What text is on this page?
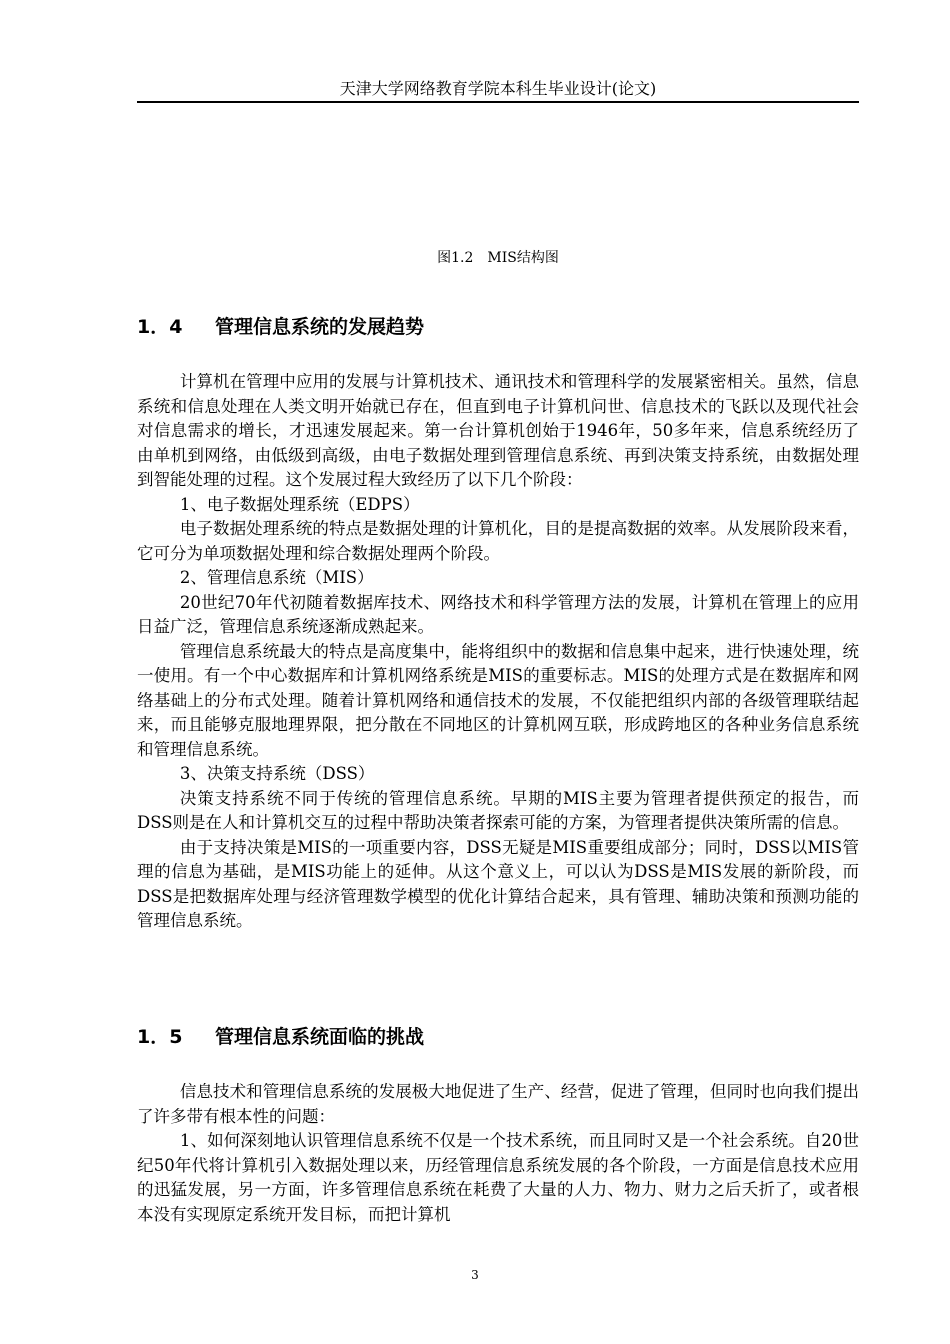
天津大学网络教育学院本科生毕业设计(论文)
图1.2　MIS结构图
1．4 管理信息系统的发展趋势

计算机在管理中应用的发展与计算机技术、通讯技术和管理科学的发展紧密相关。虽然，信息系统和信息处理在人类文明开始就已存在，但直到电子计算机问世、信息技术的飞跃以及现代社会对信息需求的增长，才迅速发展起来。第一台计算机创始于1946年，50多年来，信息系统经历了由单机到网络，由低级到高级，由电子数据处理到管理信息系统、再到决策支持系统，由数据处理到智能处理的过程。这个发展过程大致经历了以下几个阶段：

1、电子数据处理系统（EDPS）

电子数据处理系统的特点是数据处理的计算机化，目的是提高数据的效率。从发展阶段来看，它可分为单项数据处理和综合数据处理两个阶段。

2、管理信息系统（MIS）

20世纪70年代初随着数据库技术、网络技术和科学管理方法的发展，计算机在管理上的应用日益广泛，管理信息系统逐渐成熟起来。

管理信息系统最大的特点是高度集中，能将组织中的数据和信息集中起来，进行快速处理，统一使用。有一个中心数据库和计算机网络系统是MIS的重要标志。MIS的处理方式是在数据库和网络基础上的分布式处理。随着计算机网络和通信技术的发展，不仅能把组织内部的各级管理联结起来，而且能够克服地理界限，把分散在不同地区的计算机网互联，形成跨地区的各种业务信息系统和管理信息系统。

3、决策支持系统（DSS）

决策支持系统不同于传统的管理信息系统。早期的MIS主要为管理者提供预定的报告，而DSS则是在人和计算机交互的过程中帮助决策者探索可能的方案，为管理者提供决策所需的信息。

由于支持决策是MIS的一项重要内容，DSS无疑是MIS重要组成部分；同时，DSS以MIS管理的信息为基础，是MIS功能上的延伸。从这个意义上，可以认为DSS是MIS发展的新阶段，而DSS是把数据库处理与经济管理数学模型的优化计算结合起来，具有管理、辅助决策和预测功能的管理信息系统。

1．5 管理信息系统面临的挑战

信息技术和管理信息系统的发展极大地促进了生产、经营，促进了管理，但同时也向我们提出了许多带有根本性的问题：

1、如何深刻地认识管理信息系统不仅是一个技术系统，而且同时又是一个社会系统。自20世纪50年代将计算机引入数据处理以来，历经管理信息系统发展的各个阶段，一方面是信息技术应用的迅猛发展，另一方面，许多管理信息系统在耗费了大量的人力、物力、财力之后夭折了，或者根本没有实现原定系统开发目标，而把计算机

3
